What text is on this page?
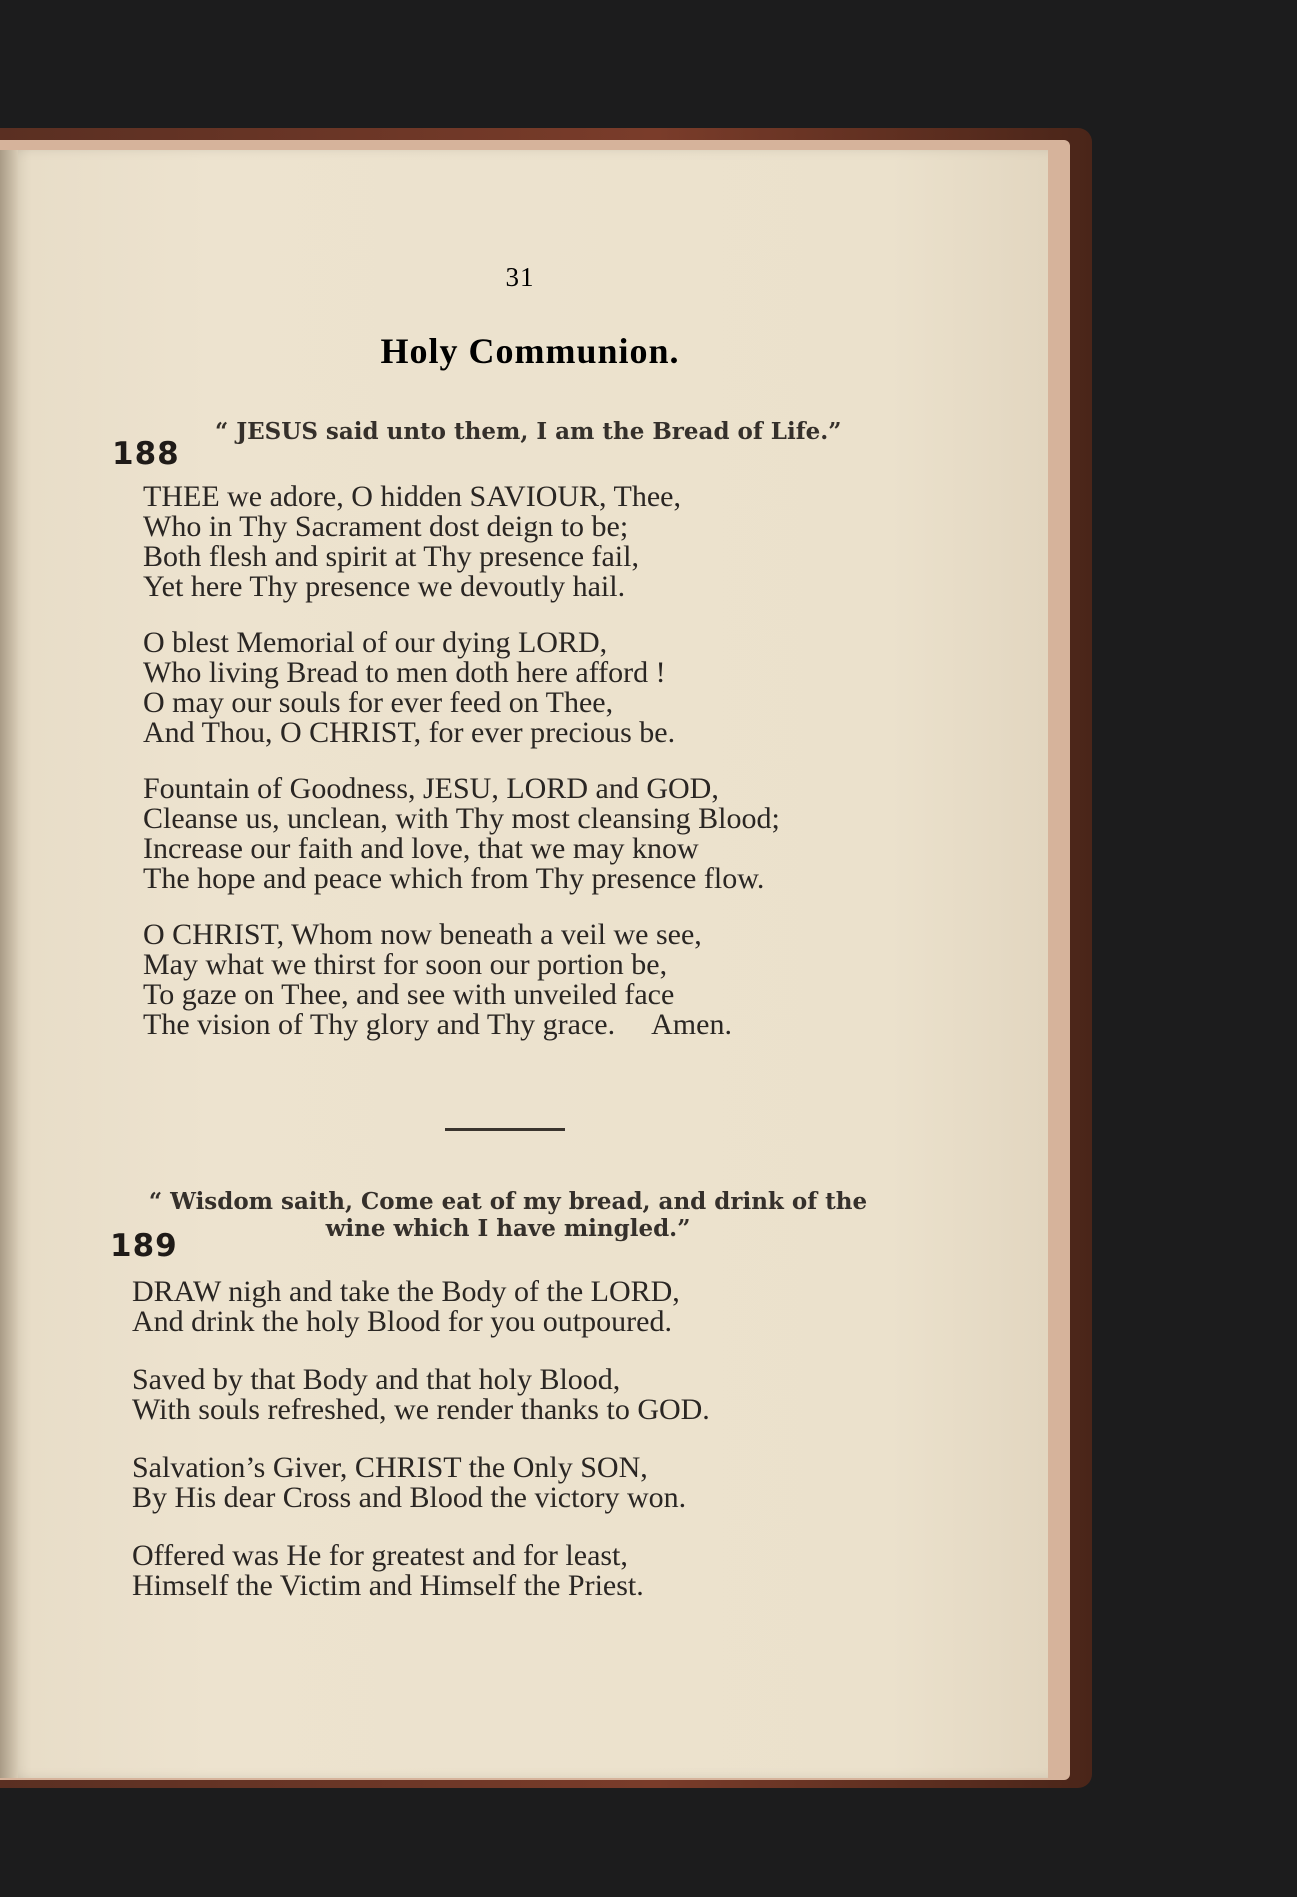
31
Holy Communion.
188
“ JESUS said unto them, I am the Bread of Life.”
THEE we adore, O hidden SAVIOUR, Thee,
Who in Thy Sacrament dost deign to be;
Both flesh and spirit at Thy presence fail,
Yet here Thy presence we devoutly hail.
O blest Memorial of our dying LORD,
Who living Bread to men doth here afford !
O may our souls for ever feed on Thee,
And Thou, O CHRIST, for ever precious be.
Fountain of Goodness, JESU, LORD and GOD,
Cleanse us, unclean, with Thy most cleansing Blood;
Increase our faith and love, that we may know
The hope and peace which from Thy presence flow.
O CHRIST, Whom now beneath a veil we see,
May what we thirst for soon our portion be,
To gaze on Thee, and see with unveiled face
The vision of Thy glory and Thy grace. Amen.
“ Wisdom saith, Come eat of my bread, and drink of the wine which I have mingled.”
189
DRAW nigh and take the Body of the LORD,
And drink the holy Blood for you outpoured.
Saved by that Body and that holy Blood,
With souls refreshed, we render thanks to GOD.
Salvation’s Giver, CHRIST the Only SON,
By His dear Cross and Blood the victory won.
Offered was He for greatest and for least,
Himself the Victim and Himself the Priest.
